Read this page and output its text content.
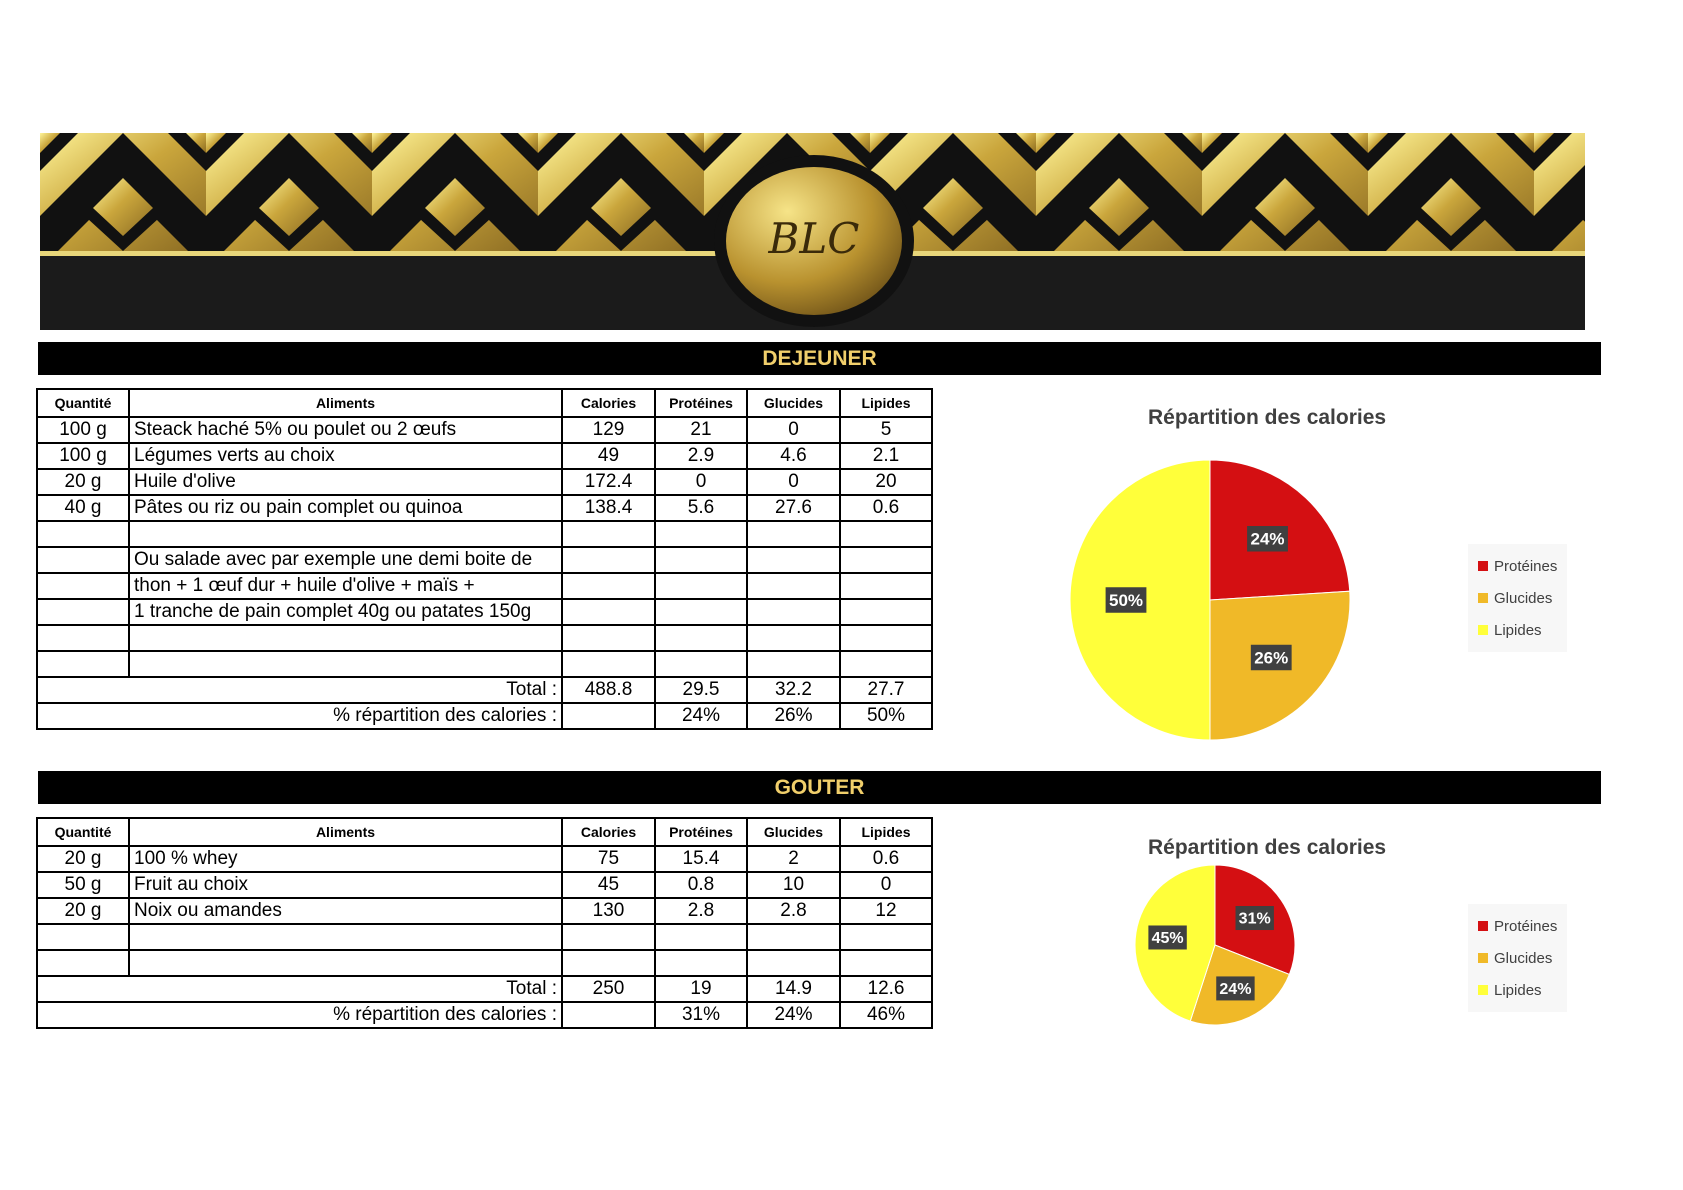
BLC
DEJEUNER
Quantité	Aliments	Calories	Protéines	Glucides	Lipides
100 g	Steack haché 5% ou poulet ou 2 œufs	129	21	0	5
100 g	Légumes verts au choix	49	2.9	4.6	2.1
20 g	Huile d'olive	172.4	0	0	20
40 g	Pâtes ou riz ou pain complet ou quinoa	138.4	5.6	27.6	0.6

	Ou salade avec par exemple une demi boite de				
	thon + 1 œuf dur + huile d'olive + maïs +				
	1 tranche de pain complet 40g ou patates 150g				

Total :		488.8	29.5	32.2	27.7
% répartition des calories :			24%	26%	50%
GOUTER
Quantité	Aliments	Calories	Protéines	Glucides	Lipides
20 g	100 % whey	75	15.4	2	0.6
50 g	Fruit au choix	45	0.8	10	0
20 g	Noix ou amandes	130	2.8	2.8	12

Total :		250	19	14.9	12.6
% répartition des calories :			31%	24%	46%
Répartition des calories
24%
26%
50%
Protéines
Glucides
Lipides
Répartition des calories
31%
24%
45%
Protéines
Glucides
Lipides
